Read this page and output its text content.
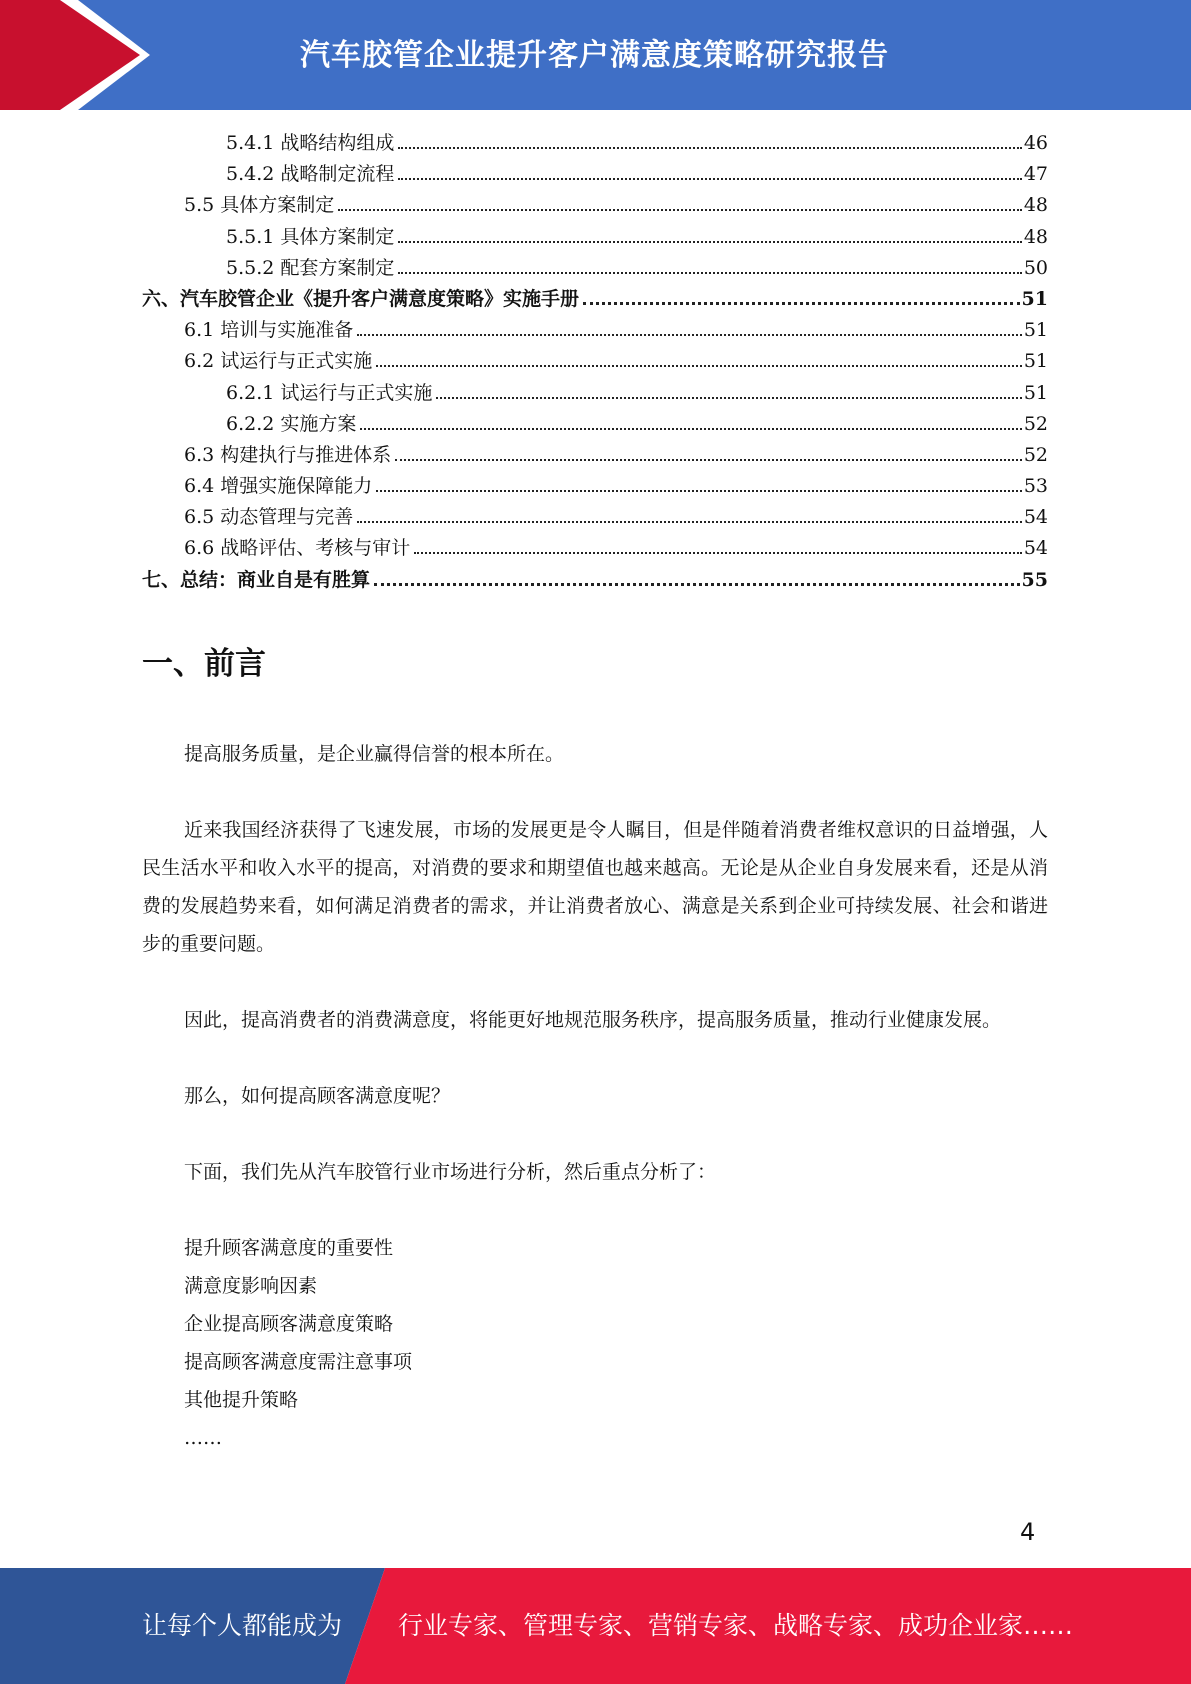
汽车胶管企业提升客户满意度策略研究报告
5.4.1 战略结构组成	46
5.4.2 战略制定流程	47
5.5 具体方案制定	48
5.5.1 具体方案制定	48
5.5.2 配套方案制定	50
六、汽车胶管企业《提升客户满意度策略》实施手册	51
6.1 培训与实施准备	51
6.2 试运行与正式实施	51
6.2.1 试运行与正式实施	51
6.2.2 实施方案	52
6.3 构建执行与推进体系	52
6.4 增强实施保障能力	53
6.5 动态管理与完善	54
6.6 战略评估、考核与审计	54
七、总结：商业自是有胜算	55
一、前言

提高服务质量，是企业赢得信誉的根本所在。

近来我国经济获得了飞速发展，市场的发展更是令人瞩目，但是伴随着消费者维权意识的日益增强，人民生活水平和收入水平的提高，对消费的要求和期望值也越来越高。无论是从企业自身发展来看，还是从消费的发展趋势来看，如何满足消费者的需求，并让消费者放心、满意是关系到企业可持续发展、社会和谐进步的重要问题。

因此，提高消费者的消费满意度，将能更好地规范服务秩序，提高服务质量，推动行业健康发展。

那么，如何提高顾客满意度呢？

下面，我们先从汽车胶管行业市场进行分析，然后重点分析了：

提升顾客满意度的重要性
满意度影响因素
企业提高顾客满意度策略
提高顾客满意度需注意事项
其他提升策略
……
4
让每个人都能成为 行业专家、管理专家、营销专家、战略专家、成功企业家……
